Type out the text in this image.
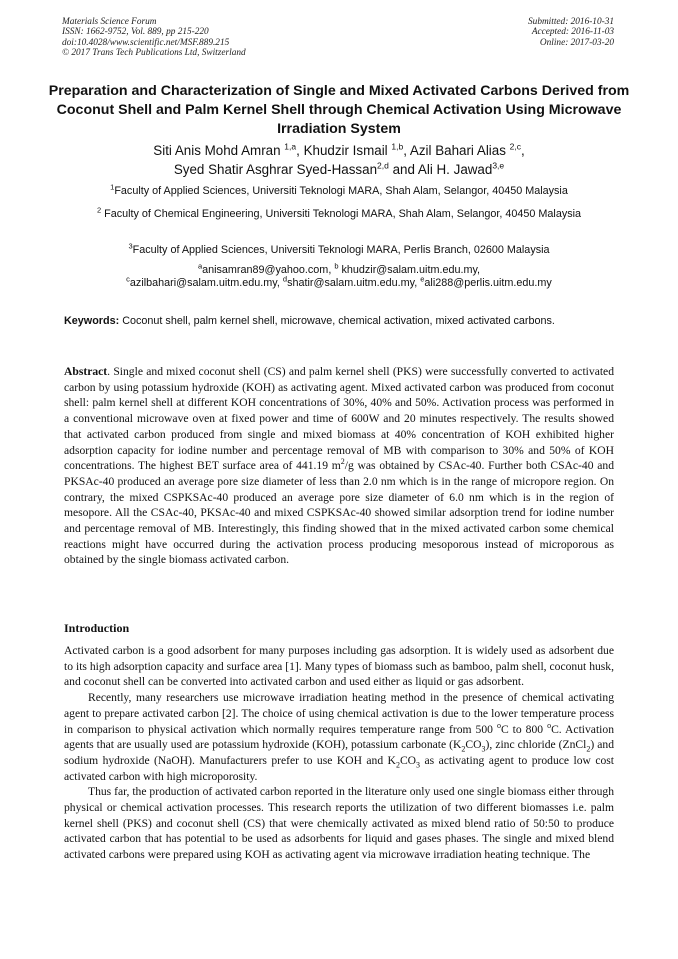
Materials Science Forum
ISSN: 1662-9752, Vol. 889, pp 215-220
doi:10.4028/www.scientific.net/MSF.889.215
© 2017 Trans Tech Publications Ltd, Switzerland
Submitted: 2016-10-31
Accepted: 2016-11-03
Online: 2017-03-20
Preparation and Characterization of Single and Mixed Activated Carbons Derived from Coconut Shell and Palm Kernel Shell through Chemical Activation Using Microwave Irradiation System
Siti Anis Mohd Amran $^{1,a}$, Khudzir Ismail $^{1,b}$, Azil Bahari Alias $^{2,c}$,
Syed Shatir Asghrar Syed-Hassan$^{2,d}$ and Ali H. Jawad$^{3,e}$
$^1$Faculty of Applied Sciences, Universiti Teknologi MARA, Shah Alam, Selangor, 40450 Malaysia
$^2$ Faculty of Chemical Engineering, Universiti Teknologi MARA, Shah Alam, Selangor, 40450 Malaysia
$^3$Faculty of Applied Sciences, Universiti Teknologi MARA, Perlis Branch, 02600 Malaysia
$^a$anisamran89@yahoo.com, $^b$ khudzir@salam.uitm.edu.my,
$^c$azilbahari@salam.uitm.edu.my, $^d$shatir@salam.uitm.edu.my, $^e$ali288@perlis.uitm.edu.my
Keywords: Coconut shell, palm kernel shell, microwave, chemical activation, mixed activated carbons.
Abstract. Single and mixed coconut shell (CS) and palm kernel shell (PKS) were successfully converted to activated carbon by using potassium hydroxide (KOH) as activating agent. Mixed activated carbon was produced from coconut shell: palm kernel shell at different KOH concentrations of 30%, 40% and 50%. Activation process was performed in a conventional microwave oven at fixed power and time of 600W and 20 minutes respectively. The results showed that activated carbon produced from single and mixed biomass at 40% concentration of KOH exhibited higher adsorption capacity for iodine number and percentage removal of MB with comparison to 30% and 50% of KOH concentrations. The highest BET surface area of 441.19 $m^2/g$ was obtained by CSAc-40. Further both CSAc-40 and PKSAc-40 produced an average pore size diameter of less than 2.0 nm which is in the range of micropore region. On contrary, the mixed CSPKSAc-40 produced an average pore size diameter of 6.0 nm which is in the region of mesopore. All the CSAc-40, PKSAc-40 and mixed CSPKSAc-40 showed similar adsorption trend for iodine number and percentage removal of MB. Interestingly, this finding showed that in the mixed activated carbon some chemical reactions might have occurred during the activation process producing mesoporous instead of microporous as obtained by the single biomass activated carbon.
Introduction

Activated carbon is a good adsorbent for many purposes including gas adsorption. It is widely used as adsorbent due to its high adsorption capacity and surface area [1]. Many types of biomass such as bamboo, palm shell, coconut husk, and coconut shell can be converted into activated carbon and used either as liquid or gas adsorbent.

Recently, many researchers use microwave irradiation heating method in the presence of chemical activating agent to prepare activated carbon [2]. The choice of using chemical activation is due to the lower temperature process in comparison to physical activation which normally requires temperature range from 500 $^o$C to 800 $^o$C. Activation agents that are usually used are potassium hydroxide (KOH), potassium carbonate $(K_2CO_3)$, zinc chloride (ZnCl$_2$) and sodium hydroxide (NaOH). Manufacturers prefer to use KOH and $K_2CO_3$ as activating agent to produce low cost activated carbon with high microporosity.

Thus far, the production of activated carbon reported in the literature only used one single biomass either through physical or chemical activation processes. This research reports the utilization of two different biomasses i.e. palm kernel shell (PKS) and coconut shell (CS) that were chemically activated as mixed blend ratio of 50:50 to produce activated carbon that has potential to be used as adsorbents for liquid and gases phases. The single and mixed blend activated carbons were prepared using KOH as activating agent via microwave irradiation heating technique. The
